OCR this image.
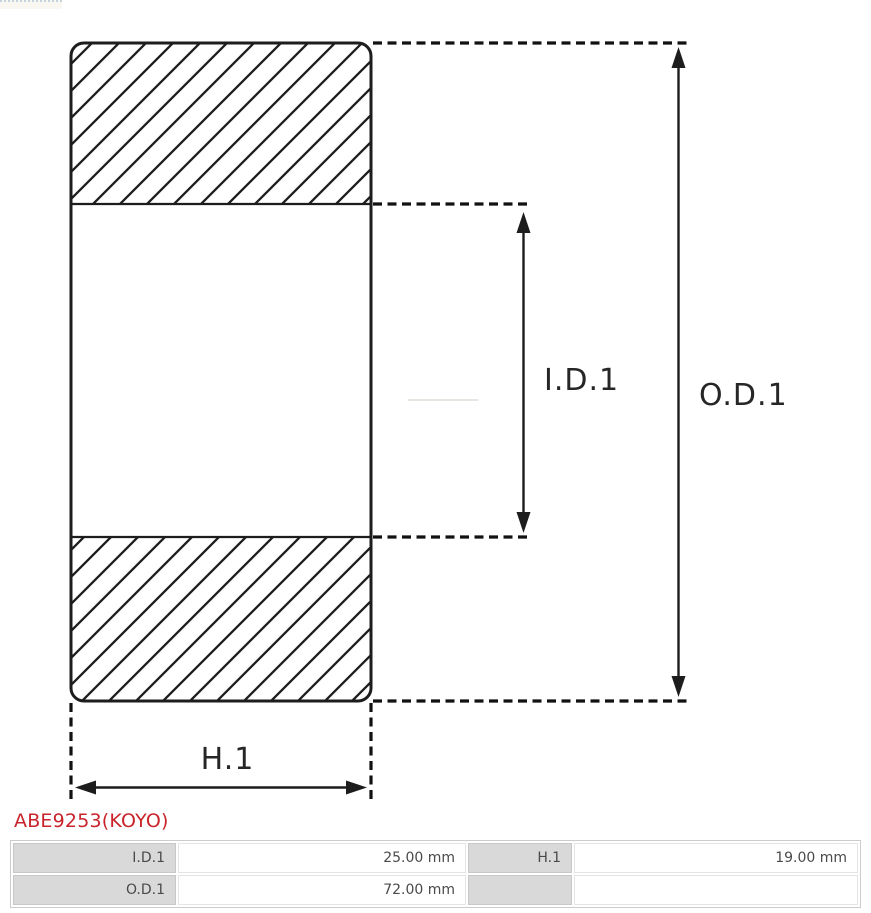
I.D.1	O.D.1
H.1
ABE9253(KOYO)
I.D.1	25.00 mm	H.1	19.00 mm
O.D.1	72.00 mm		
